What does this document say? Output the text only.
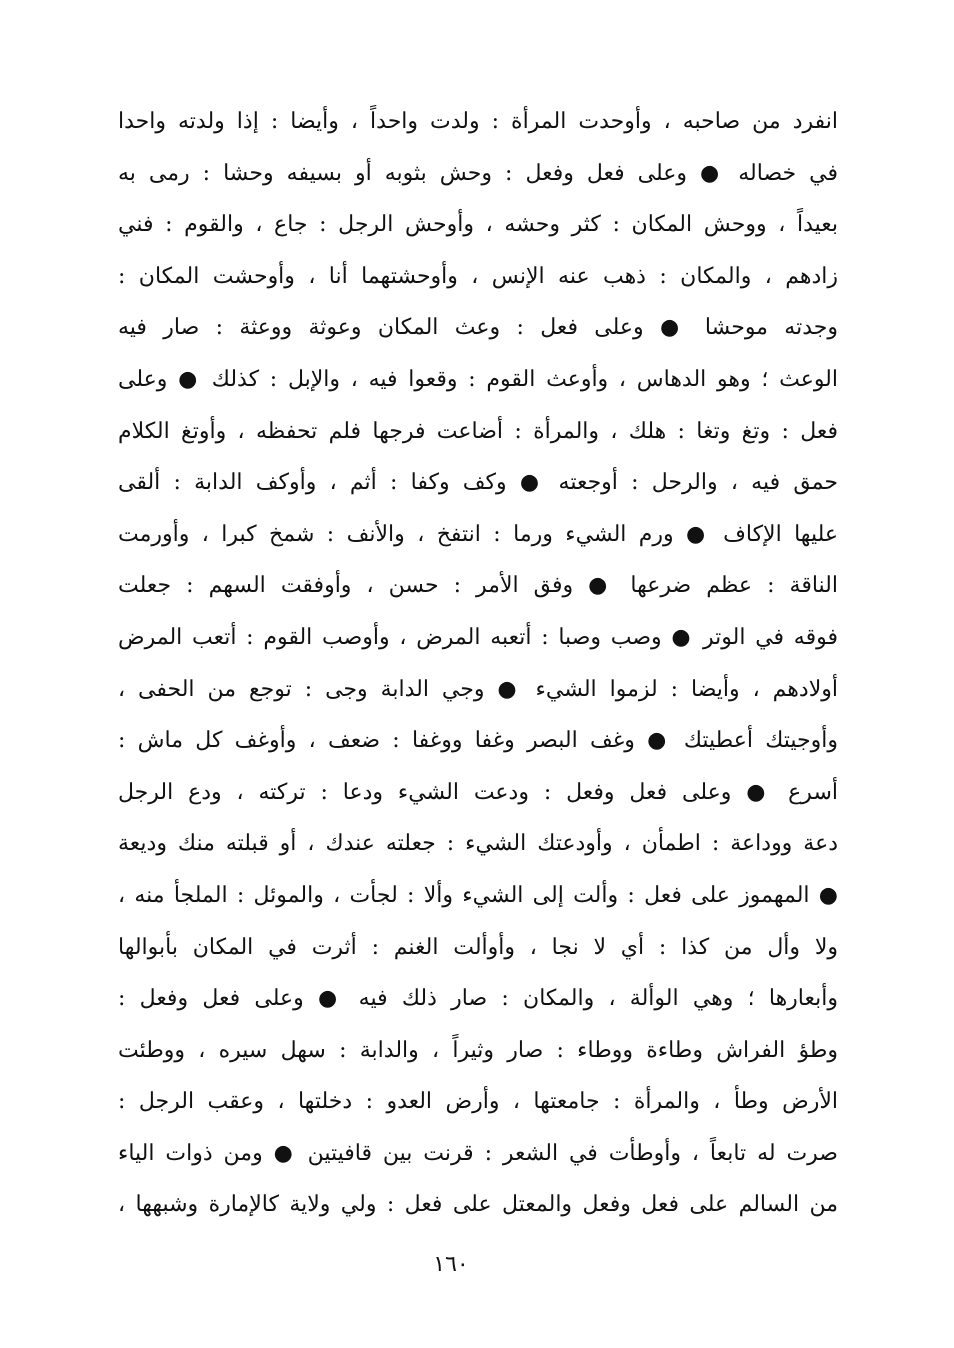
انفرد من صاحبه ، وأوحدت المرأة : ولدت واحداً ، وأيضا : إذا ولدته واحدا
في خصاله ● وعلى فعل وفعل : وحش بثوبه أو بسيفه وحشا : رمى به
بعيداً ، ووحش المكان : كثر وحشه ، وأوحش الرجل : جاع ، والقوم : فني
زادهم ، والمكان : ذهب عنه الإنس ، وأوحشتهما أنا ، وأوحشت المكان :
وجدته موحشا ● وعلى فعل : وعث المكان وعوثة ووعثة : صار فيه
الوعث ؛ وهو الدهاس ، وأوعث القوم : وقعوا فيه ، والإبل : كذلك ● وعلى
فعل : وتغ وتغا : هلك ، والمرأة : أضاعت فرجها فلم تحفظه ، وأوتغ الكلام
حمق فيه ، والرحل : أوجعته ● وكف وكفا : أثم ، وأوكف الدابة : ألقى
عليها الإكاف ● ورم الشيء ورما : انتفخ ، والأنف : شمخ كبرا ، وأورمت
الناقة : عظم ضرعها ● وفق الأمر : حسن ، وأوفقت السهم : جعلت
فوقه في الوتر ● وصب وصبا : أتعبه المرض ، وأوصب القوم : أتعب المرض
أولادهم ، وأيضا : لزموا الشيء ● وجي الدابة وجى : توجع من الحفى ،
وأوجيتك أعطيتك ● وغف البصر وغفا ووغفا : ضعف ، وأوغف كل ماش :
أسرع ● وعلى فعل وفعل : ودعت الشيء ودعا : تركته ، ودع الرجل
دعة ووداعة : اطمأن ، وأودعتك الشيء : جعلته عندك ، أو قبلته منك وديعة
● المهموز على فعل : وألت إلى الشيء وألا : لجأت ، والموئل : الملجأ منه ،
ولا وأل من كذا : أي لا نجا ، وأوألت الغنم : أثرت في المكان بأبوالها
وأبعارها ؛ وهي الوألة ، والمكان : صار ذلك فيه ● وعلى فعل وفعل :
وطؤ الفراش وطاءة ووطاء : صار وثيراً ، والدابة : سهل سيره ، ووطئت
الأرض وطأ ، والمرأة : جامعتها ، وأرض العدو : دخلتها ، وعقب الرجل :
صرت له تابعاً ، وأوطأت في الشعر : قرنت بين قافيتين ● ومن ذوات الياء
من السالم على فعل وفعل والمعتل على فعل : ولي ولاية كالإمارة وشبهها ،
١٦٠
